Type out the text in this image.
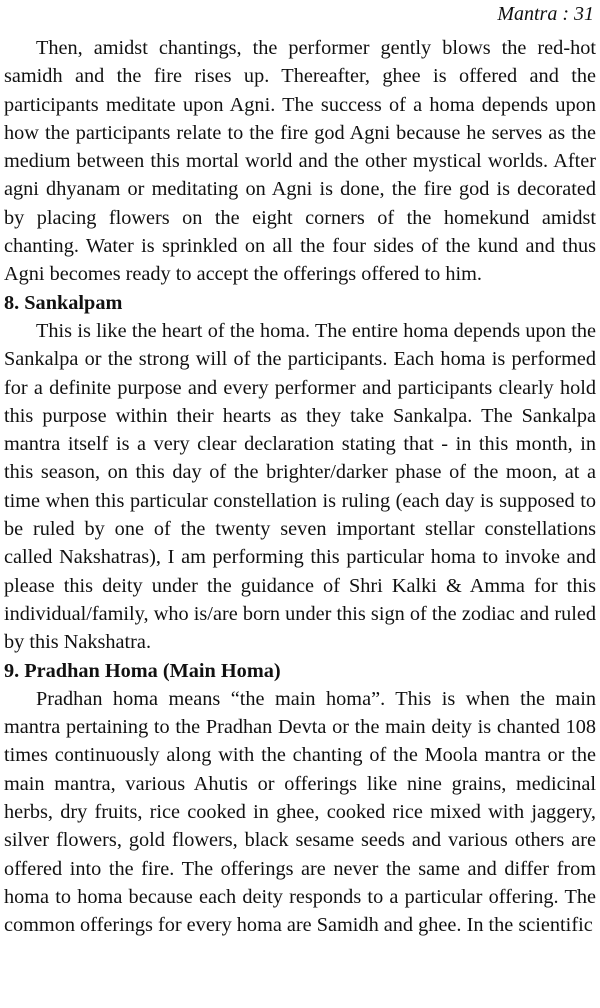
Mantra : 31

Then, amidst chantings, the performer gently blows the red-hot samidh and the fire rises up. Thereafter, ghee is offered and the participants meditate upon Agni. The success of a homa depends upon how the participants relate to the fire god Agni because he serves as the medium between this mortal world and the other mystical worlds. After agni dhyanam or meditating on Agni is done, the fire god is decorated by placing flowers on the eight corners of the homekund amidst chanting. Water is sprinkled on all the four sides of the kund and thus Agni becomes ready to accept the offerings offered to him.

8. Sankalpam

This is like the heart of the homa. The entire homa depends upon the Sankalpa or the strong will of the participants. Each homa is performed for a definite purpose and every performer and participants clearly hold this purpose within their hearts as they take Sankalpa. The Sankalpa mantra itself is a very clear declaration stating that - in this month, in this season, on this day of the brighter/darker phase of the moon, at a time when this particular constellation is ruling (each day is supposed to be ruled by one of the twenty seven important stellar constellations called Nakshatras), I am performing this particular homa to invoke and please this deity under the guidance of Shri Kalki & Amma for this individual/family, who is/are born under this sign of the zodiac and ruled by this Nakshatra.

9. Pradhan Homa (Main Homa)

Pradhan homa means “the main homa”. This is when the main mantra pertaining to the Pradhan Devta or the main deity is chanted 108 times continuously along with the chanting of the Moola mantra or the main mantra, various Ahutis or offerings like nine grains, medicinal herbs, dry fruits, rice cooked in ghee, cooked rice mixed with jaggery, silver flowers, gold flowers, black sesame seeds and various others are offered into the fire. The offerings are never the same and differ from homa to homa because each deity responds to a particular offering. The common offerings for every homa are Samidh and ghee. In the scientific
